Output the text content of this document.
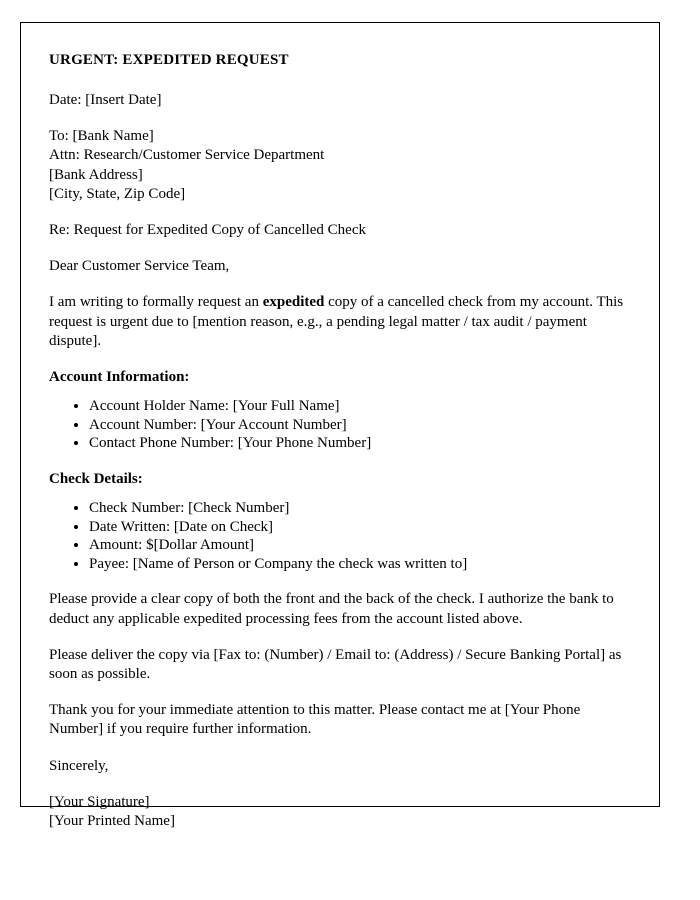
URGENT: EXPEDITED REQUEST

Date: [Insert Date]

To: [Bank Name]

Attn: Research/Customer Service Department

[Bank Address]

[City, State, Zip Code]

Re: Request for Expedited Copy of Cancelled Check

Dear Customer Service Team,

I am writing to formally request an expedited copy of a cancelled check from my account. This request is urgent due to [mention reason, e.g., a pending legal matter / tax audit / payment dispute].

Account Information:
• Account Holder Name: [Your Full Name]
• Account Number: [Your Account Number]
• Contact Phone Number: [Your Phone Number]
Check Details:
• Check Number: [Check Number]
• Date Written: [Date on Check]
• Amount: $[Dollar Amount]
• Payee: [Name of Person or Company the check was written to]

Please provide a clear copy of both the front and the back of the check. I authorize the bank to deduct any applicable expedited processing fees from the account listed above.

Please deliver the copy via [Fax to: (Number) / Email to: (Address) / Secure Banking Portal] as soon as possible.

Thank you for your immediate attention to this matter. Please contact me at [Your Phone Number] if you require further information.

Sincerely,

[Your Signature]

[Your Printed Name]
